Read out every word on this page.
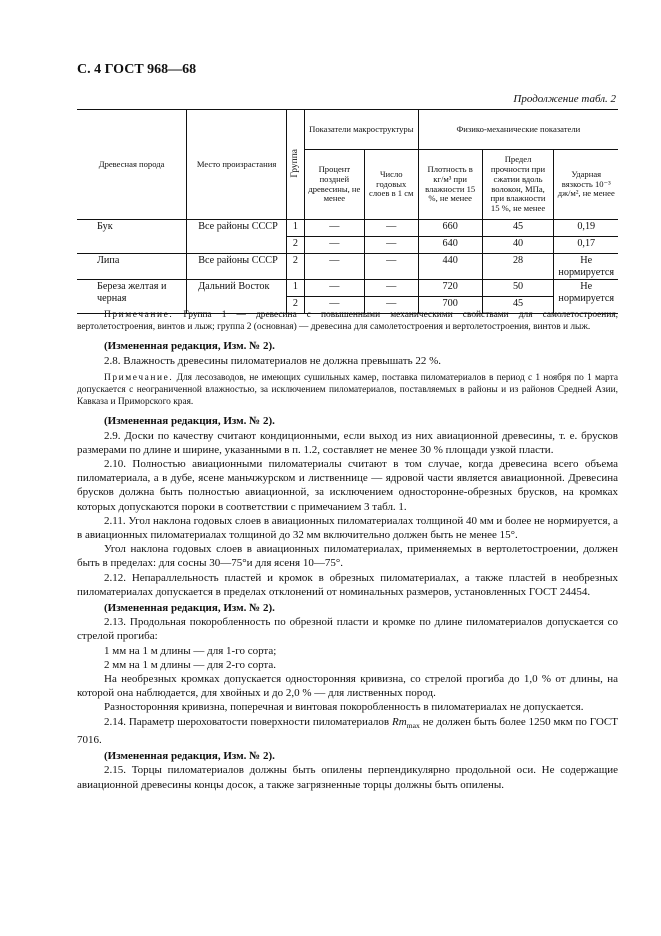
С. 4 ГОСТ 968—68
Продолжение табл. 2
Древесная порода	Место произрастания	Группа	Показатели макроструктуры		Физико-механические показатели		
			Процент поздней древесины, не менее	Число годовых слоев в 1 см	Плотность в кг/м³ при влажности 15 %, не менее	Предел прочности при сжатии вдоль волокон, МПа, при влажности 15 %, не менее	Ударная вязкость 10⁻³ дж/м², не менее
Бук	Все районы СССР	1	—	—	660	45	0,19
		2	—	—	640	40	0,17
Липа	Все районы СССР	2	—	—	440	28	Не нормируется
Береза желтая и черная	Дальний Восток	1	—	—	720	50	Не нормируется
		2	—	—	700	45	

Примечание. Группа 1 — древесина с повышенными механическими свойствами для самолетостроения, вертолетостроения, винтов и лыж; группа 2 (основная) — древесина для самолетостроения и вертолетостроения, винтов и лыж.

(Измененная редакция, Изм. № 2).

2.8. Влажность древесины пиломатериалов не должна превышать 22 %.

Примечание. Для лесозаводов, не имеющих сушильных камер, поставка пиломатериалов в период с 1 ноября по 1 марта допускается с неограниченной влажностью, за исключением пиломатериалов, поставляемых в районы и из районов Средней Азии, Кавказа и Приморского края.

(Измененная редакция, Изм. № 2).

2.9. Доски по качеству считают кондиционными, если выход из них авиационной древесины, т. е. брусков размерами по длине и ширине, указанными в п. 1.2, составляет не менее 30 % площади узкой пласти.

2.10. Полностью авиационными пиломатериалы считают в том случае, когда древесина всего объема пиломатериала, а в дубе, ясене маньчжурском и лиственнице — ядровой части является авиационной. Древесина брусков должна быть полностью авиационной, за исключением односторонне-обрезных брусков, на кромках которых допускаются пороки в соответствии с примечанием 3 табл. 1.

2.11. Угол наклона годовых слоев в авиационных пиломатериалах толщиной 40 мм и более не нормируется, а в авиационных пиломатериалах толщиной до 32 мм включительно должен быть не менее 15°.

Угол наклона годовых слоев в авиационных пиломатериалах, применяемых в вертолетостроении, должен быть в пределах: для сосны 30—75°и для ясеня 10—75°.

2.12. Непараллельность пластей и кромок в обрезных пиломатериалах, а также пластей в необрезных пиломатериалах допускается в пределах отклонений от номинальных размеров, установленных ГОСТ 24454.

(Измененная редакция, Изм. № 2).

2.13. Продольная покоробленность по обрезной пласти и кромке по длине пиломатериалов допускается со стрелой прогиба:

1 мм на 1 м длины — для 1-го сорта;

2 мм на 1 м длины — для 2-го сорта.

На необрезных кромках допускается односторонняя кривизна, со стрелой прогиба до 1,0 % от длины, на которой она наблюдается, для хвойных и до 2,0 % — для лиственных пород.

Разносторонняя кривизна, поперечная и винтовая покоробленность в пиломатериалах не допускается.

2.14. Параметр шероховатости поверхности пиломатериалов $Rm_{max}$ не должен быть более 1250 мкм по ГОСТ 7016.

(Измененная редакция, Изм. № 2).

2.15. Торцы пиломатериалов должны быть опилены перпендикулярно продольной оси. Не содержащие авиационной древесины концы досок, а также загрязненные торцы должны быть опилены.
